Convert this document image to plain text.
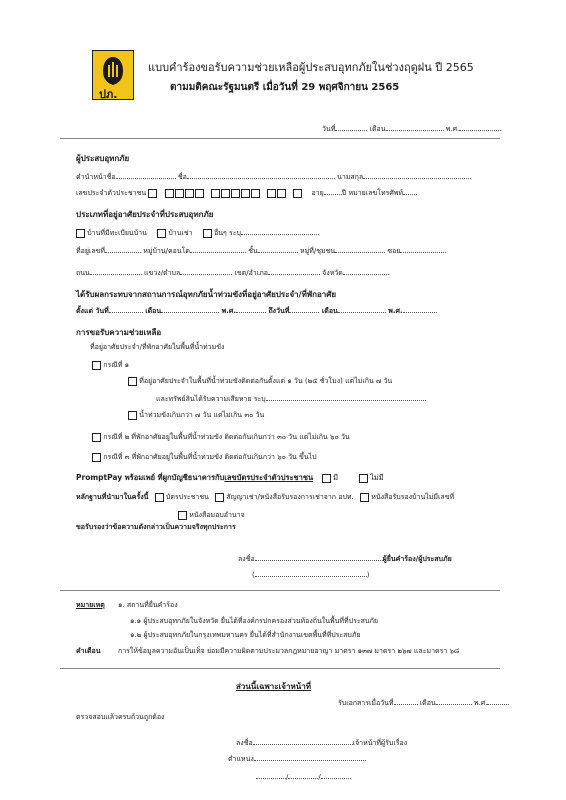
ปภ.
แบบคำร้องขอรับความช่วยเหลือผู้ประสบอุทกภัยในช่วงฤดูฝน ปี 2565
ตามมติคณะรัฐมนตรี เมื่อวันที่ 29 พฤศจิกายน 2565
วันที่	เดือน	พ.ศ.
ผู้ประสบอุทกภัย
คำนำหน้าชื่อ	ชื่อ	นามสกุล
เลขประจำตัวประชาชน	อายุ	ปี หมายเลขโทรศัพท์
ประเภทที่อยู่อาศัยประจำที่ประสบอุทกภัย
บ้านที่มีทะเบียนบ้าน	บ้านเช่า	อื่นๆ ระบุ
ที่อยู่เลขที่	หมู่บ้าน/คอนโด	ชั้น	หมู่ที่/ชุมชน	ซอย
ถนน	แขวง/ตำบล	เขต/อำเภอ	จังหวัด
ได้รับผลกระทบจากสถานการณ์อุทกภัยน้ำท่วมขังที่อยู่อาศัยประจำ/ที่พักอาศัย
ตั้งแต่ วันที่	เดือน	พ.ศ.	ถึงวันที่	เดือน	พ.ศ.
การขอรับความช่วยเหลือ
ที่อยู่อาศัยประจำ/ที่พักอาศัยในพื้นที่น้ำท่วมขัง
กรณีที่ ๑
ที่อยู่อาศัยประจำในพื้นที่น้ำท่วมขังติดต่อกันตั้งแต่ ๑ วัน (๒๔ ชั่วโมง) แต่ไม่เกิน ๗ วัน
และทรัพย์สินได้รับความเสียหาย ระบุ
น้ำท่วมขังเกินกว่า ๗ วัน แต่ไม่เกิน ๓๐ วัน
กรณีที่ ๒ ที่พักอาศัยอยู่ในพื้นที่น้ำท่วมขัง ติดต่อกันเกินกว่า ๓๐ วัน แต่ไม่เกิน ๖๐ วัน
กรณีที่ ๓ ที่พักอาศัยอยู่ในพื้นที่น้ำท่วมขัง ติดต่อกันเกินกว่า ๖๐ วัน ขึ้นไป
PromptPay พร้อมเพย์ ที่ผูกบัญชีธนาคารกับเลขบัตรประจำตัวประชาชน	มี	ไม่มี
หลักฐานที่นำมาในครั้งนี้ บัตรประชาชน สัญญาเช่า/หนังสือรับรองการเช่าจาก อปท. หนังสือรับรองบ้านไม่มีเลขที่
หนังสือมอบอำนาจ
ขอรับรองว่าข้อความดังกล่าวเป็นความจริงทุกประการ
ลงชื่อ	ผู้ยื่นคำร้อง/ผู้ประสบภัย
(	)
หมายเหตุ ๑. สถานที่ยื่นคำร้อง
๑.๑ ผู้ประสบอุทกภัยในจังหวัด ยื่นได้ที่องค์กรปกครองส่วนท้องถิ่นในพื้นที่ที่ประสบภัย
๑.๒ ผู้ประสบอุทกภัยในกรุงเทพมหานคร ยื่นได้ที่สำนักงานเขตพื้นที่ที่ประสบภัย
คำเตือน การให้ข้อมูลความอันเป็นเท็จ ย่อมมีความผิดตามประมวลกฎหมายอาญา มาตรา ๑๓๗ มาตรา ๒๖๗ และมาตรา ๖๘
ส่วนนี้เฉพาะเจ้าหน้าที่
รับเอกสารเมื่อวันที่	เดือน	พ.ศ.
ตรวจสอบแล้วครบถ้วนถูกต้อง
ลงชื่อ	เจ้าหน้าที่ผู้รับเรื่อง
ตำแหน่ง
/	/
